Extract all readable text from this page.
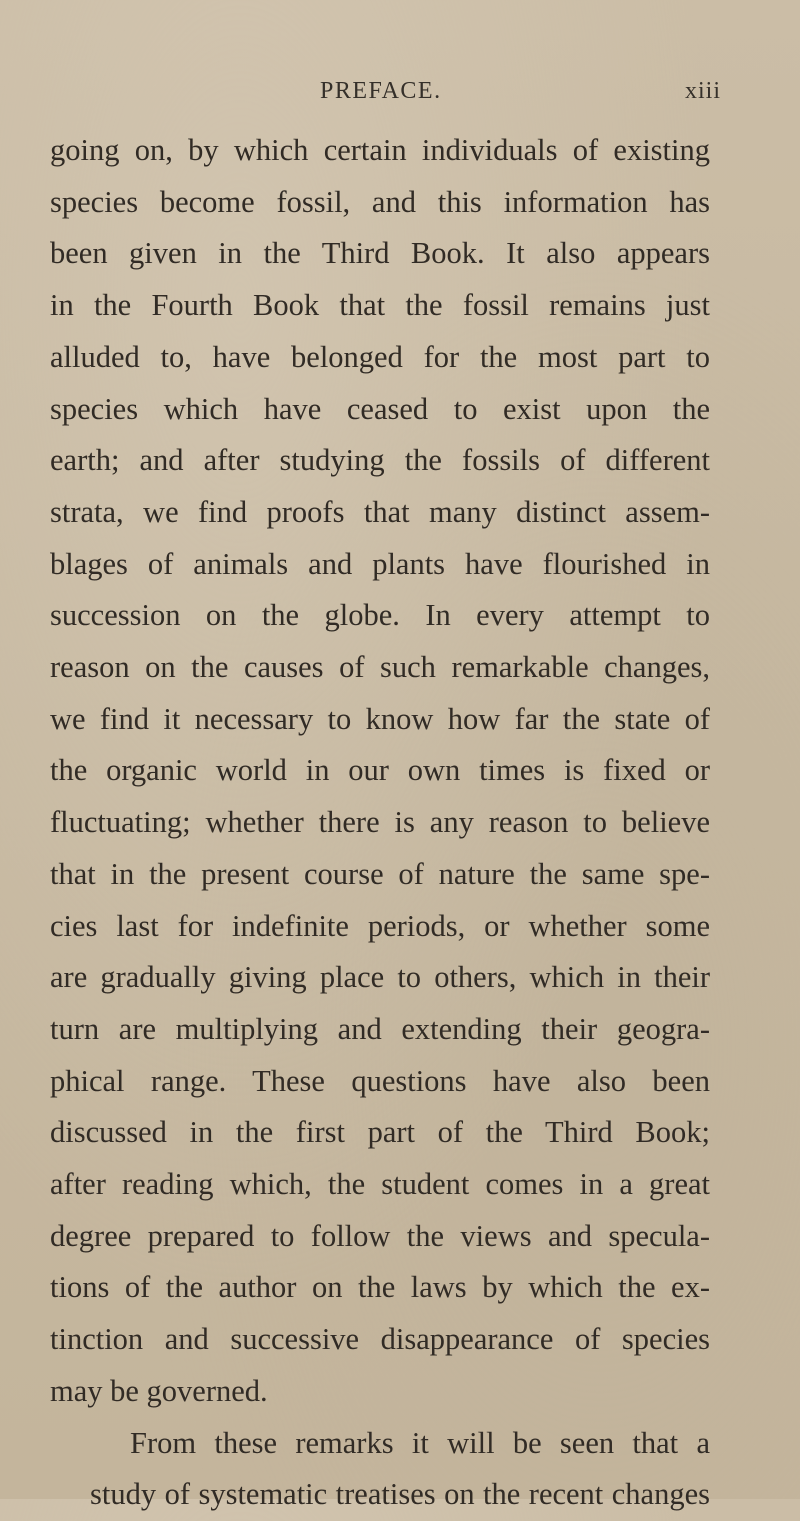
PREFACE.	xiii
going on, by which certain individuals of existing
species become fossil, and this information has
been given in the Third Book. It also appears
in the Fourth Book that the fossil remains just
alluded to, have belonged for the most part to
species which have ceased to exist upon the
earth; and after studying the fossils of different
strata, we find proofs that many distinct assem-
blages of animals and plants have flourished in
succession on the globe. In every attempt to
reason on the causes of such remarkable changes,
we find it necessary to know how far the state of
the organic world in our own times is fixed or
fluctuating; whether there is any reason to believe
that in the present course of nature the same spe-
cies last for indefinite periods, or whether some
are gradually giving place to others, which in their
turn are multiplying and extending their geogra-
phical range. These questions have also been
discussed in the first part of the Third Book;
after reading which, the student comes in a great
degree prepared to follow the views and specula-
tions of the author on the laws by which the ex-
tinction and successive disappearance of species
may be governed.
From these remarks it will be seen that a
study of systematic treatises on the recent changes
